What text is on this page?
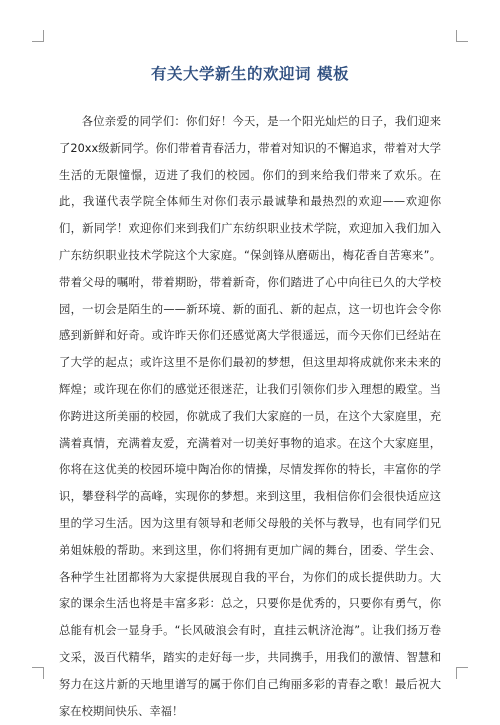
有关大学新生的欢迎词 模板

各位亲爱的同学们：你们好！今天，是一个阳光灿烂的日子，我们迎来了20xx级新同学。你们带着青春活力，带着对知识的不懈追求，带着对大学生活的无限憧憬，迈进了我们的校园。你们的到来给我们带来了欢乐。在此，我谨代表学院全体师生对你们表示最诚挚和最热烈的欢迎——欢迎你们，新同学！欢迎你们来到我们广东纺织职业技术学院，欢迎加入我们加入广东纺织职业技术学院这个大家庭。“保剑锋从磨砺出，梅花香自苦寒来”。带着父母的嘱咐，带着期盼，带着新奇，你们踏进了心中向往已久的大学校园，一切会是陌生的——新环境、新的面孔、新的起点，这一切也许会令你感到新鲜和好奇。或许昨天你们还感觉离大学很遥远，而今天你们已经站在了大学的起点；或许这里不是你们最初的梦想，但这里却将成就你来未来的辉煌；或许现在你们的感觉还很迷茫，让我们引领你们步入理想的殿堂。当你跨进这所美丽的校园，你就成了我们大家庭的一员，在这个大家庭里，充满着真情，充满着友爱，充满着对一切美好事物的追求。在这个大家庭里，你将在这优美的校园环境中陶冶你的情操，尽情发挥你的特长，丰富你的学识，攀登科学的高峰，实现你的梦想。来到这里，我相信你们会很快适应这里的学习生活。因为这里有领导和老师父母般的关怀与教导，也有同学们兄弟姐妹般的帮助。来到这里，你们将拥有更加广阔的舞台，团委、学生会、各种学生社团都将为大家提供展现自我的平台，为你们的成长提供助力。大家的课余生活也将是丰富多彩：总之，只要你是优秀的，只要你有勇气，你总能有机会一显身手。“长风破浪会有时，直挂云帆济沧海”。让我们扬万卷文采，汲百代精华，踏实的走好每一步，共同携手，用我们的激情、智慧和努力在这片新的天地里谱写的属于你们自己绚丽多彩的青春之歌！最后祝大家在校期间快乐、幸福！
